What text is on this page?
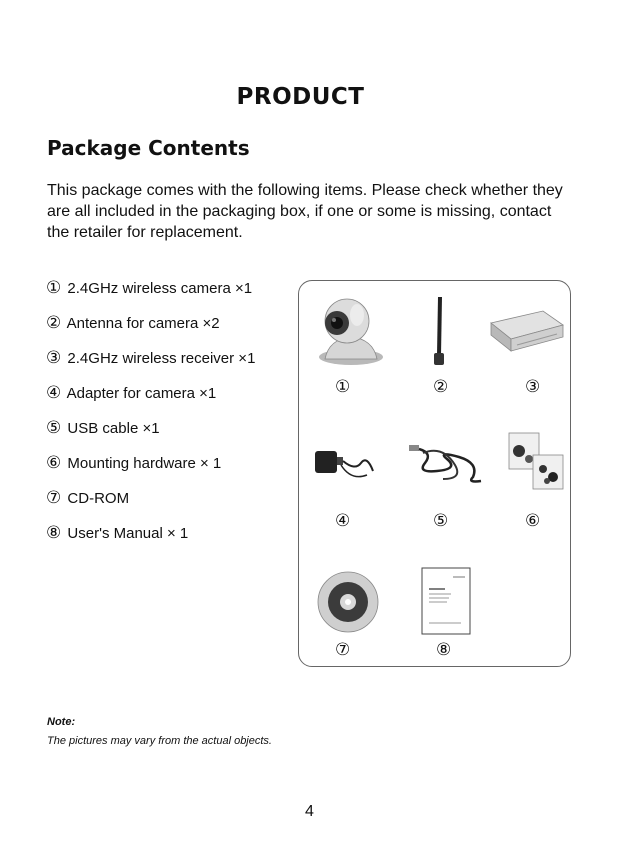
PRODUCT
Package Contents
This package comes with the following items. Please check whether they are all included in the packaging box, if one or some is missing, contact the retailer for replacement.
① 2.4GHz wireless camera ×1
② Antenna for camera ×2
③ 2.4GHz wireless receiver ×1
④ Adapter for camera ×1
⑤ USB cable ×1
⑥ Mounting hardware × 1
⑦ CD-ROM
⑧ User's Manual × 1
①	②	③
④	⑤	⑥
⑦	⑧
Note:
The pictures may vary from the actual objects.
4
